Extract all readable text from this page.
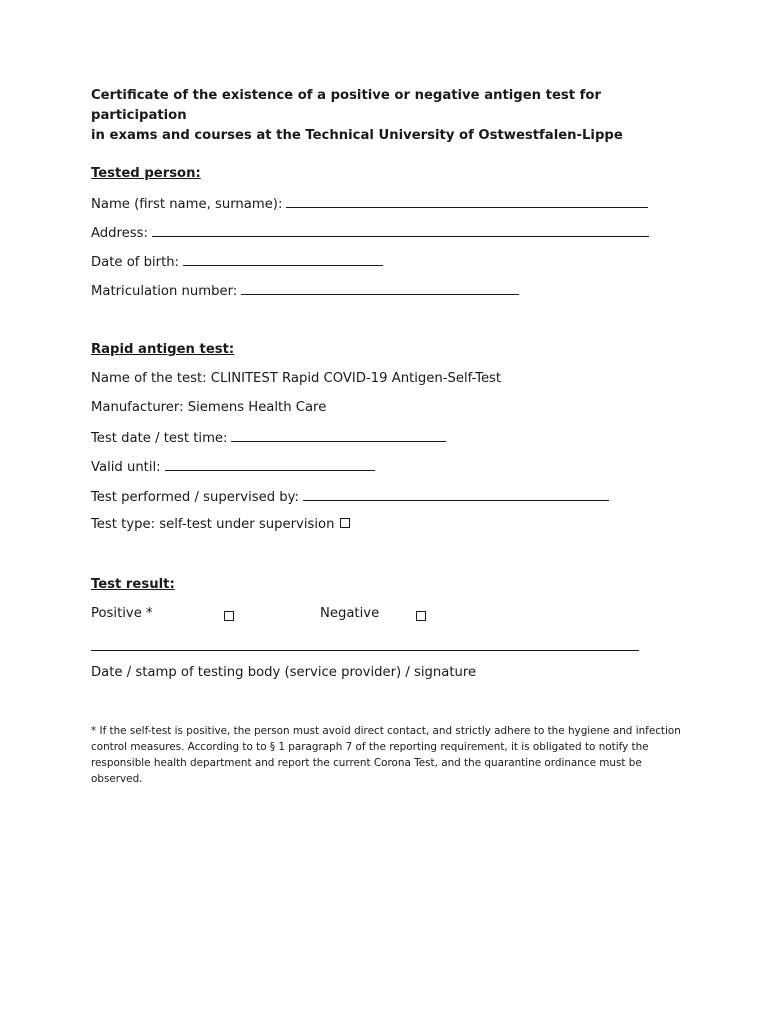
Certificate of the existence of a positive or negative antigen test for participation
in exams and courses at the Technical University of Ostwestfalen-Lippe

Tested person:

Name (first name, surname):
Address:
Date of birth:
Matriculation number:

Rapid antigen test:

Name of the test: CLINITEST Rapid COVID-19 Antigen-Self-Test

Manufacturer: Siemens Health Care

Test date / test time:
Valid until:
Test performed / supervised by:
Test type: self-test under supervision

Test result:

Positive *	Negative

Date / stamp of testing body (service provider) / signature

* If the self-test is positive, the person must avoid direct contact, and strictly adhere to the hygiene and infection control measures. According to to § 1 paragraph 7 of the reporting requirement, it is obligated to notify the responsible health department and report the current Corona Test, and the quarantine ordinance must be observed.
